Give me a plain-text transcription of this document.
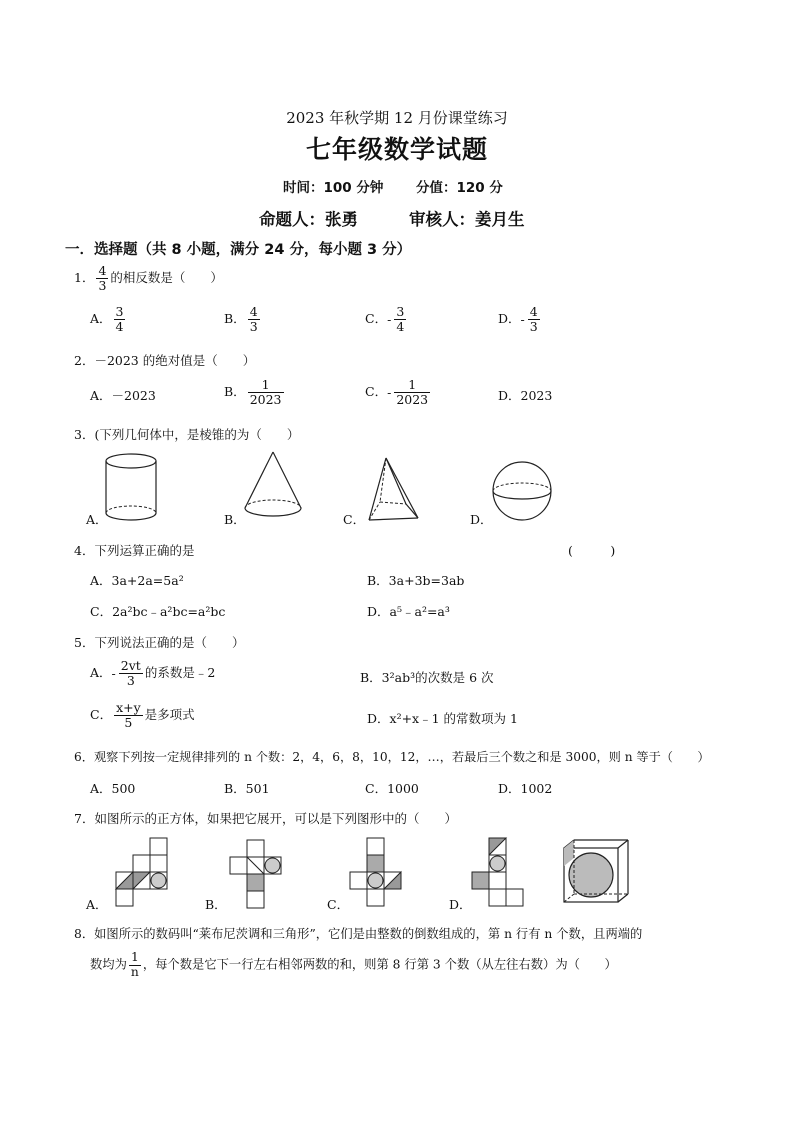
2023 年秋学期 12 月份课堂练习
七年级数学试题
时间：100 分钟 分值：120 分
命题人：张勇	审核人：姜月生
一．选择题（共 8 小题，满分 24 分，每小题 3 分）
1． $\frac{4}{3}$ 的相反数是（　　）
A． $\frac{3}{4}$	B． $\frac{4}{3}$	C．- $\frac{3}{4}$	D．- $\frac{4}{3}$
2．－2023 的绝对值是（　　）
A．－2023	B． $\frac{1}{2023}$	C．- $\frac{1}{2023}$	D．2023
3．(下列几何体中，是棱锥的为（　　）
A．	B．	C．	D．
4．下列运算正确的是	(　　　)
A．3a+2a=5a²	B．3a+3b=3ab
C．2a²bc﹣a²bc=a²bc	D．a⁵﹣a²=a³
5．下列说法正确的是（　　）
A．- $\frac{2vt}{3}$ 的系数是﹣2	B．3²ab³的次数是 6 次
C． $\frac{x+y}{5}$ 是多项式	D．x²+x﹣1 的常数项为 1
6．观察下列按一定规律排列的 n 个数：2，4，6，8，10，12，…，若最后三个数之和是 3000，则 n 等于（　　）
A．500	B．501	C．1000	D．1002
7．如图所示的正方体，如果把它展开，可以是下列图形中的（　　）
A．	B．	C．	D．
8．如图所示的数码叫“莱布尼茨调和三角形”，它们是由整数的倒数组成的，第 n 行有 n 个数，且两端的
数均为 $\frac{1}{n}$ ，每个数是它下一行左右相邻两数的和，则第 8 行第 3 个数（从左往右数）为（　　）
